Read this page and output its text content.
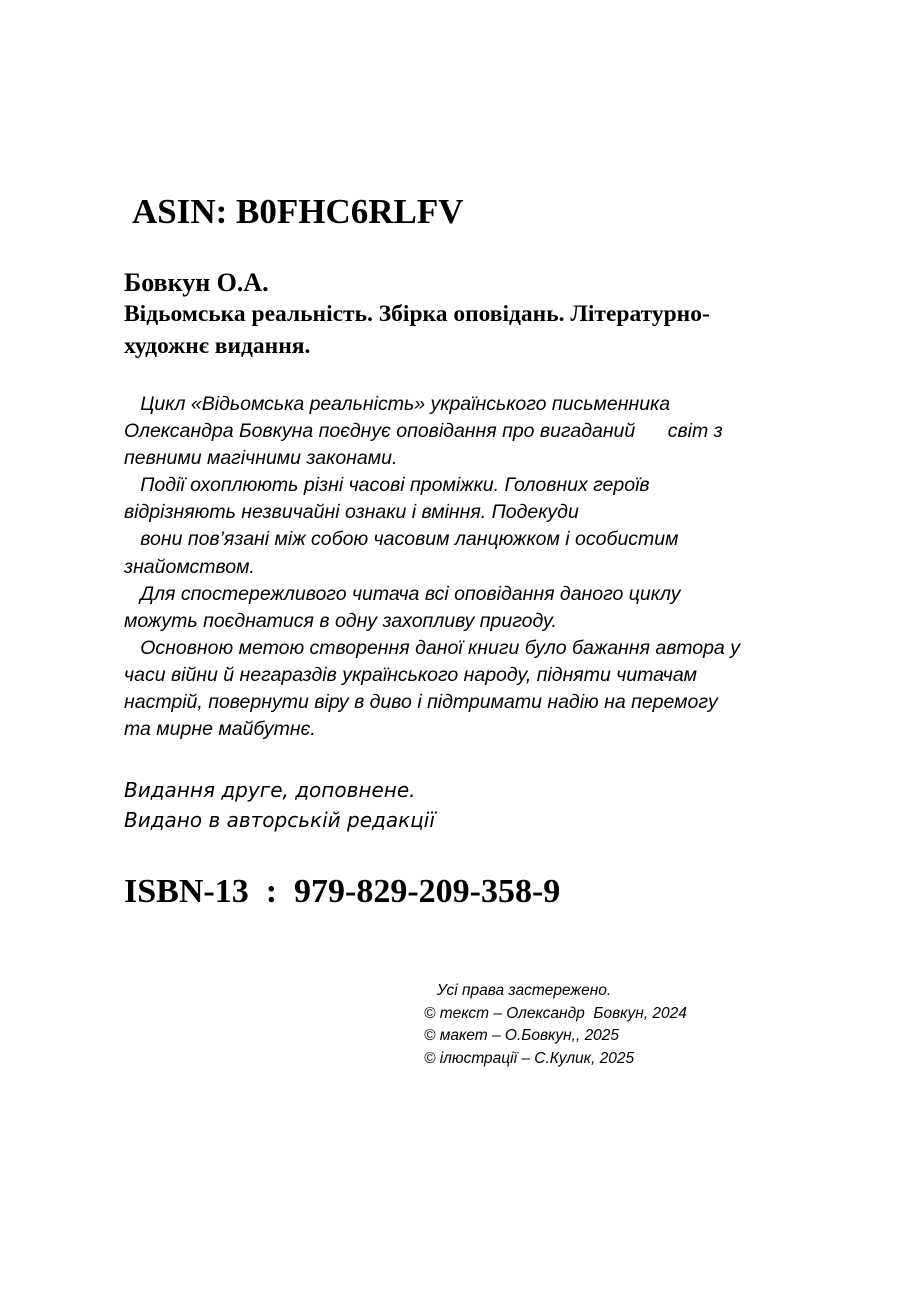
ASIN: B0FHC6RLFV
Бовкун О.А.
Відьомська реальність. Збірка оповідань. Літературно-
художнє видання.
Цикл «Відьомська реальність» українського письменника
Олександра Бовкуна поєднує оповідання про вигаданий      світ з
певними магічними законами.
Події охоплюють різні часові проміжки. Головних героїв
відрізняють незвичайні ознаки і вміння. Подекуди
вони пов’язані між собою часовим ланцюжком і особистим
знайомством.
Для спостережливого читача всі оповідання даного циклу
можуть поєднатися в одну захопливу пригоду.
Основною метою створення даної книги було бажання автора у
часи війни й негараздів українського народу, підняти читачам
настрій, повернути віру в диво і підтримати надію на перемогу
та мирне майбутнє.
Видання друге, доповнене.
Видано в авторській редакції
ISBN-13  :  979-829-209-358-9
Усі права застережено.
© текст – Олександр  Бовкун, 2024
© макет – О.Бовкун,, 2025
© ілюстрації – С.Кулик, 2025
